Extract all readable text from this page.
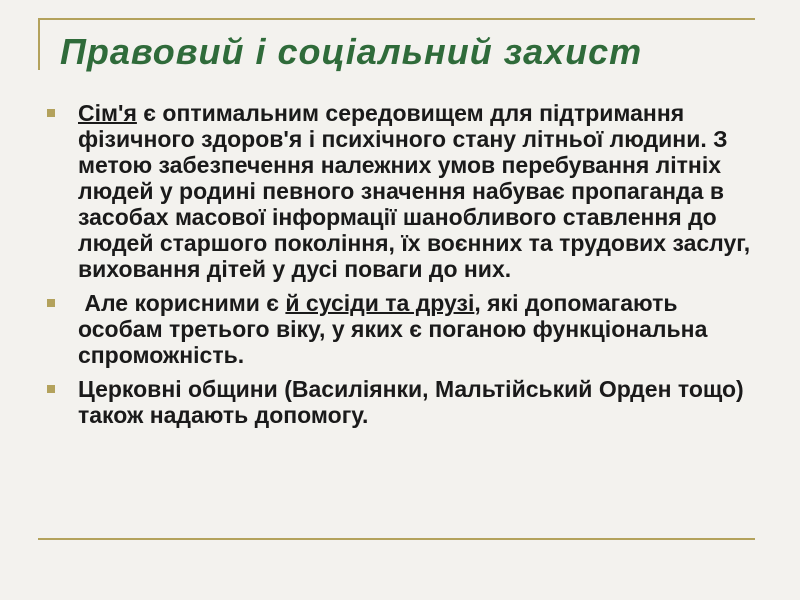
Правовий і соціальний захист
Сім'я є оптимальним середовищем для підтримання фізичного здоров'я і психічного стану літньої людини. З метою забезпечення належних умов перебування літніх людей у родині певного значення набуває пропаганда в засобах масової інформації шанобливого ставлення до людей старшого покоління, їх воєнних та трудових заслуг, виховання дітей у дусі поваги до них.
Але корисними є й сусіди та друзі, які допомагають особам третього віку, у яких є поганою функціональна спроможність.
Церковні общини (Василіянки, Мальтійський Орден тощо) також надають допомогу.
